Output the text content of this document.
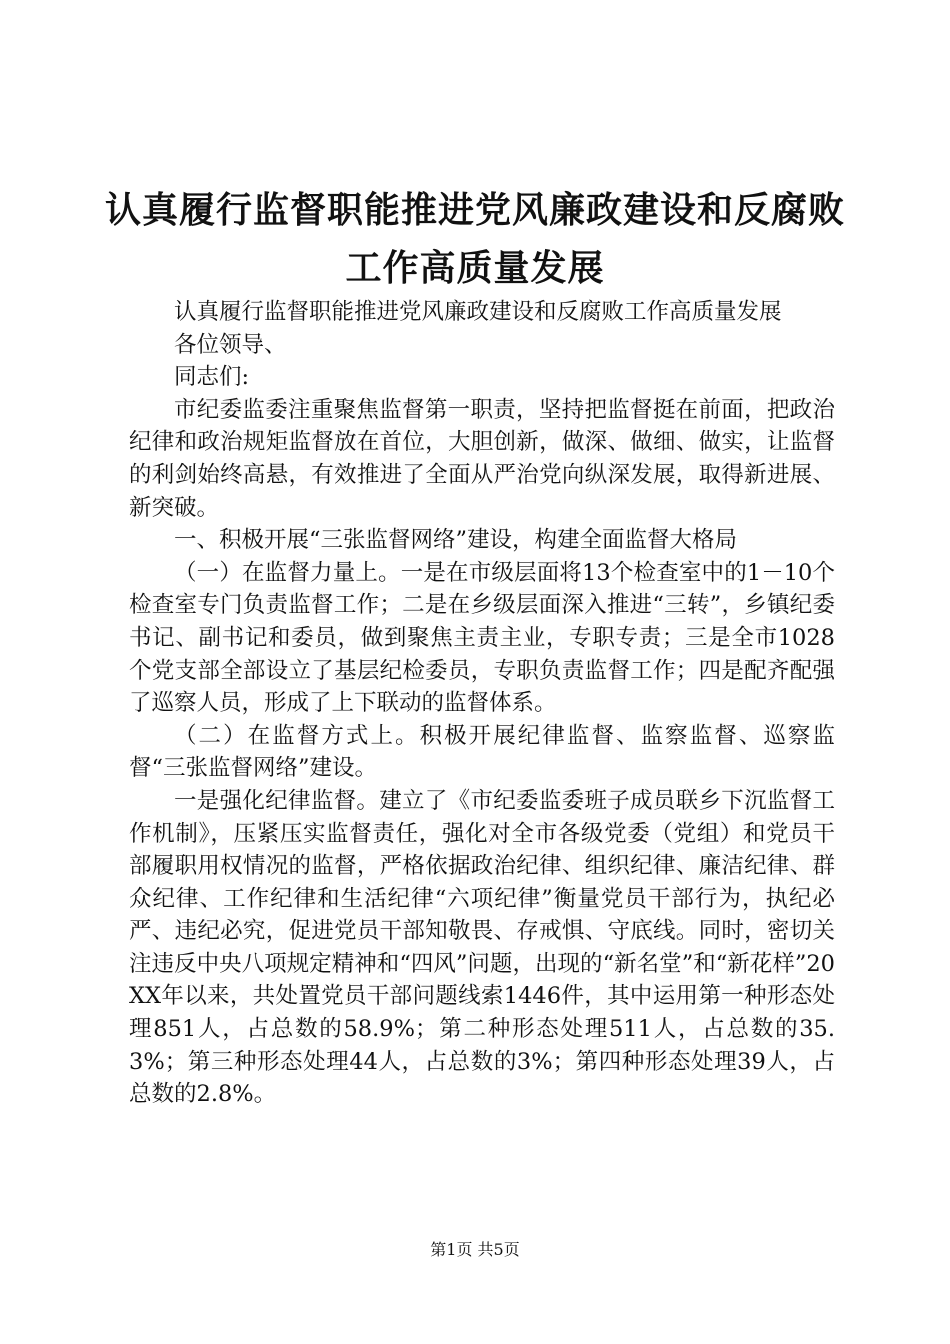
认真履行监督职能推进党风廉政建设和反腐败
工作高质量发展

认真履行监督职能推进党风廉政建设和反腐败工作高质量发展

各位领导、

同志们:

市纪委监委注重聚焦监督第一职责，坚持把监督挺在前面，把政治纪律和政治规矩监督放在首位，大胆创新，做深、做细、做实，让监督的利剑始终高悬，有效推进了全面从严治党向纵深发展，取得新进展、新突破。

一、积极开展“三张监督网络”建设，构建全面监督大格局

（一）在监督力量上。一是在市级层面将13个检查室中的1－10个检查室专门负责监督工作；二是在乡级层面深入推进“三转”，乡镇纪委书记、副书记和委员，做到聚焦主责主业，专职专责；三是全市1028个党支部全部设立了基层纪检委员，专职负责监督工作；四是配齐配强了巡察人员，形成了上下联动的监督体系。

（二）在监督方式上。积极开展纪律监督、监察监督、巡察监督“三张监督网络”建设。

一是强化纪律监督。建立了《市纪委监委班子成员联乡下沉监督工作机制》，压紧压实监督责任，强化对全市各级党委（党组）和党员干部履职用权情况的监督，严格依据政治纪律、组织纪律、廉洁纪律、群众纪律、工作纪律和生活纪律“六项纪律”衡量党员干部行为，执纪必严、违纪必究，促进党员干部知敬畏、存戒惧、守底线。同时，密切关注违反中央八项规定精神和“四风”问题，出现的“新名堂”和“新花样”20XX年以来，共处置党员干部问题线索1446件，其中运用第一种形态处理851人，占总数的58.9%；第二种形态处理511人，占总数的35.3%；第三种形态处理44人，占总数的3%；第四种形态处理39人，占总数的2.8%。

第1页 共5页
